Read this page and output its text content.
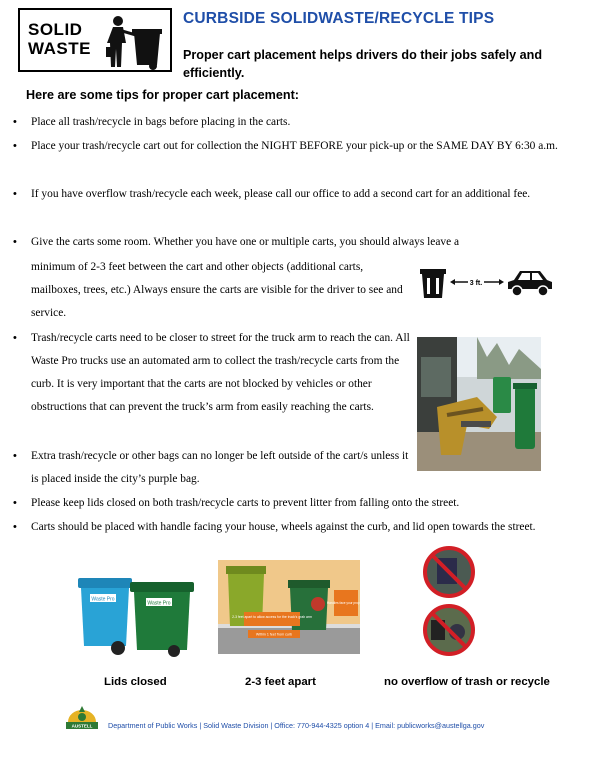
SOLID
WASTE
CURBSIDE SOLIDWASTE/RECYCLE TIPS
Proper cart placement helps drivers do their jobs safely and efficiently.
Here are some tips for proper cart placement:
• Place all trash/recycle in bags before placing in the carts.
• Place your trash/recycle cart out for collection the NIGHT BEFORE your pick-up or the SAME DAY BY 6:30 a.m.
• If you have overflow trash/recycle each week, please call our office to add a second cart for an additional fee.
• Give the carts some room. Whether you have one or multiple carts, you should always leave a
minimum of 2-3 feet between the cart and other objects (additional carts, mailboxes, trees, etc.) Always ensure the carts are visible for the driver to see and service.
• Trash/recycle carts need to be closer to street for the truck arm to reach the can. All Waste Pro trucks use an automated arm to collect the trash/recycle carts from the curb. It is very important that the carts are not blocked by vehicles or other obstructions that can prevent the truck’s arm from easily reaching the carts.
• Extra trash/recycle or other bags can no longer be left outside of the cart/s unless it is placed inside the city’s purple bag.
• Please keep lids closed on both trash/recycle carts to prevent litter from falling onto the street.
• Carts should be placed with handle facing your house, wheels against the curb, and lid open towards the street.
3 ft.
Waste Pro
Waste Pro
2-3 feet apart to allow access for the truck's grab arm
Within 1 feet from curb
Handles face your property
Lids closed	2-3 feet apart	no overflow of trash or recycle
AUSTELL Department of Public Works | Solid Waste Division | Office: 770-944-4325 option 4 | Email: publicworks@austellga.gov
